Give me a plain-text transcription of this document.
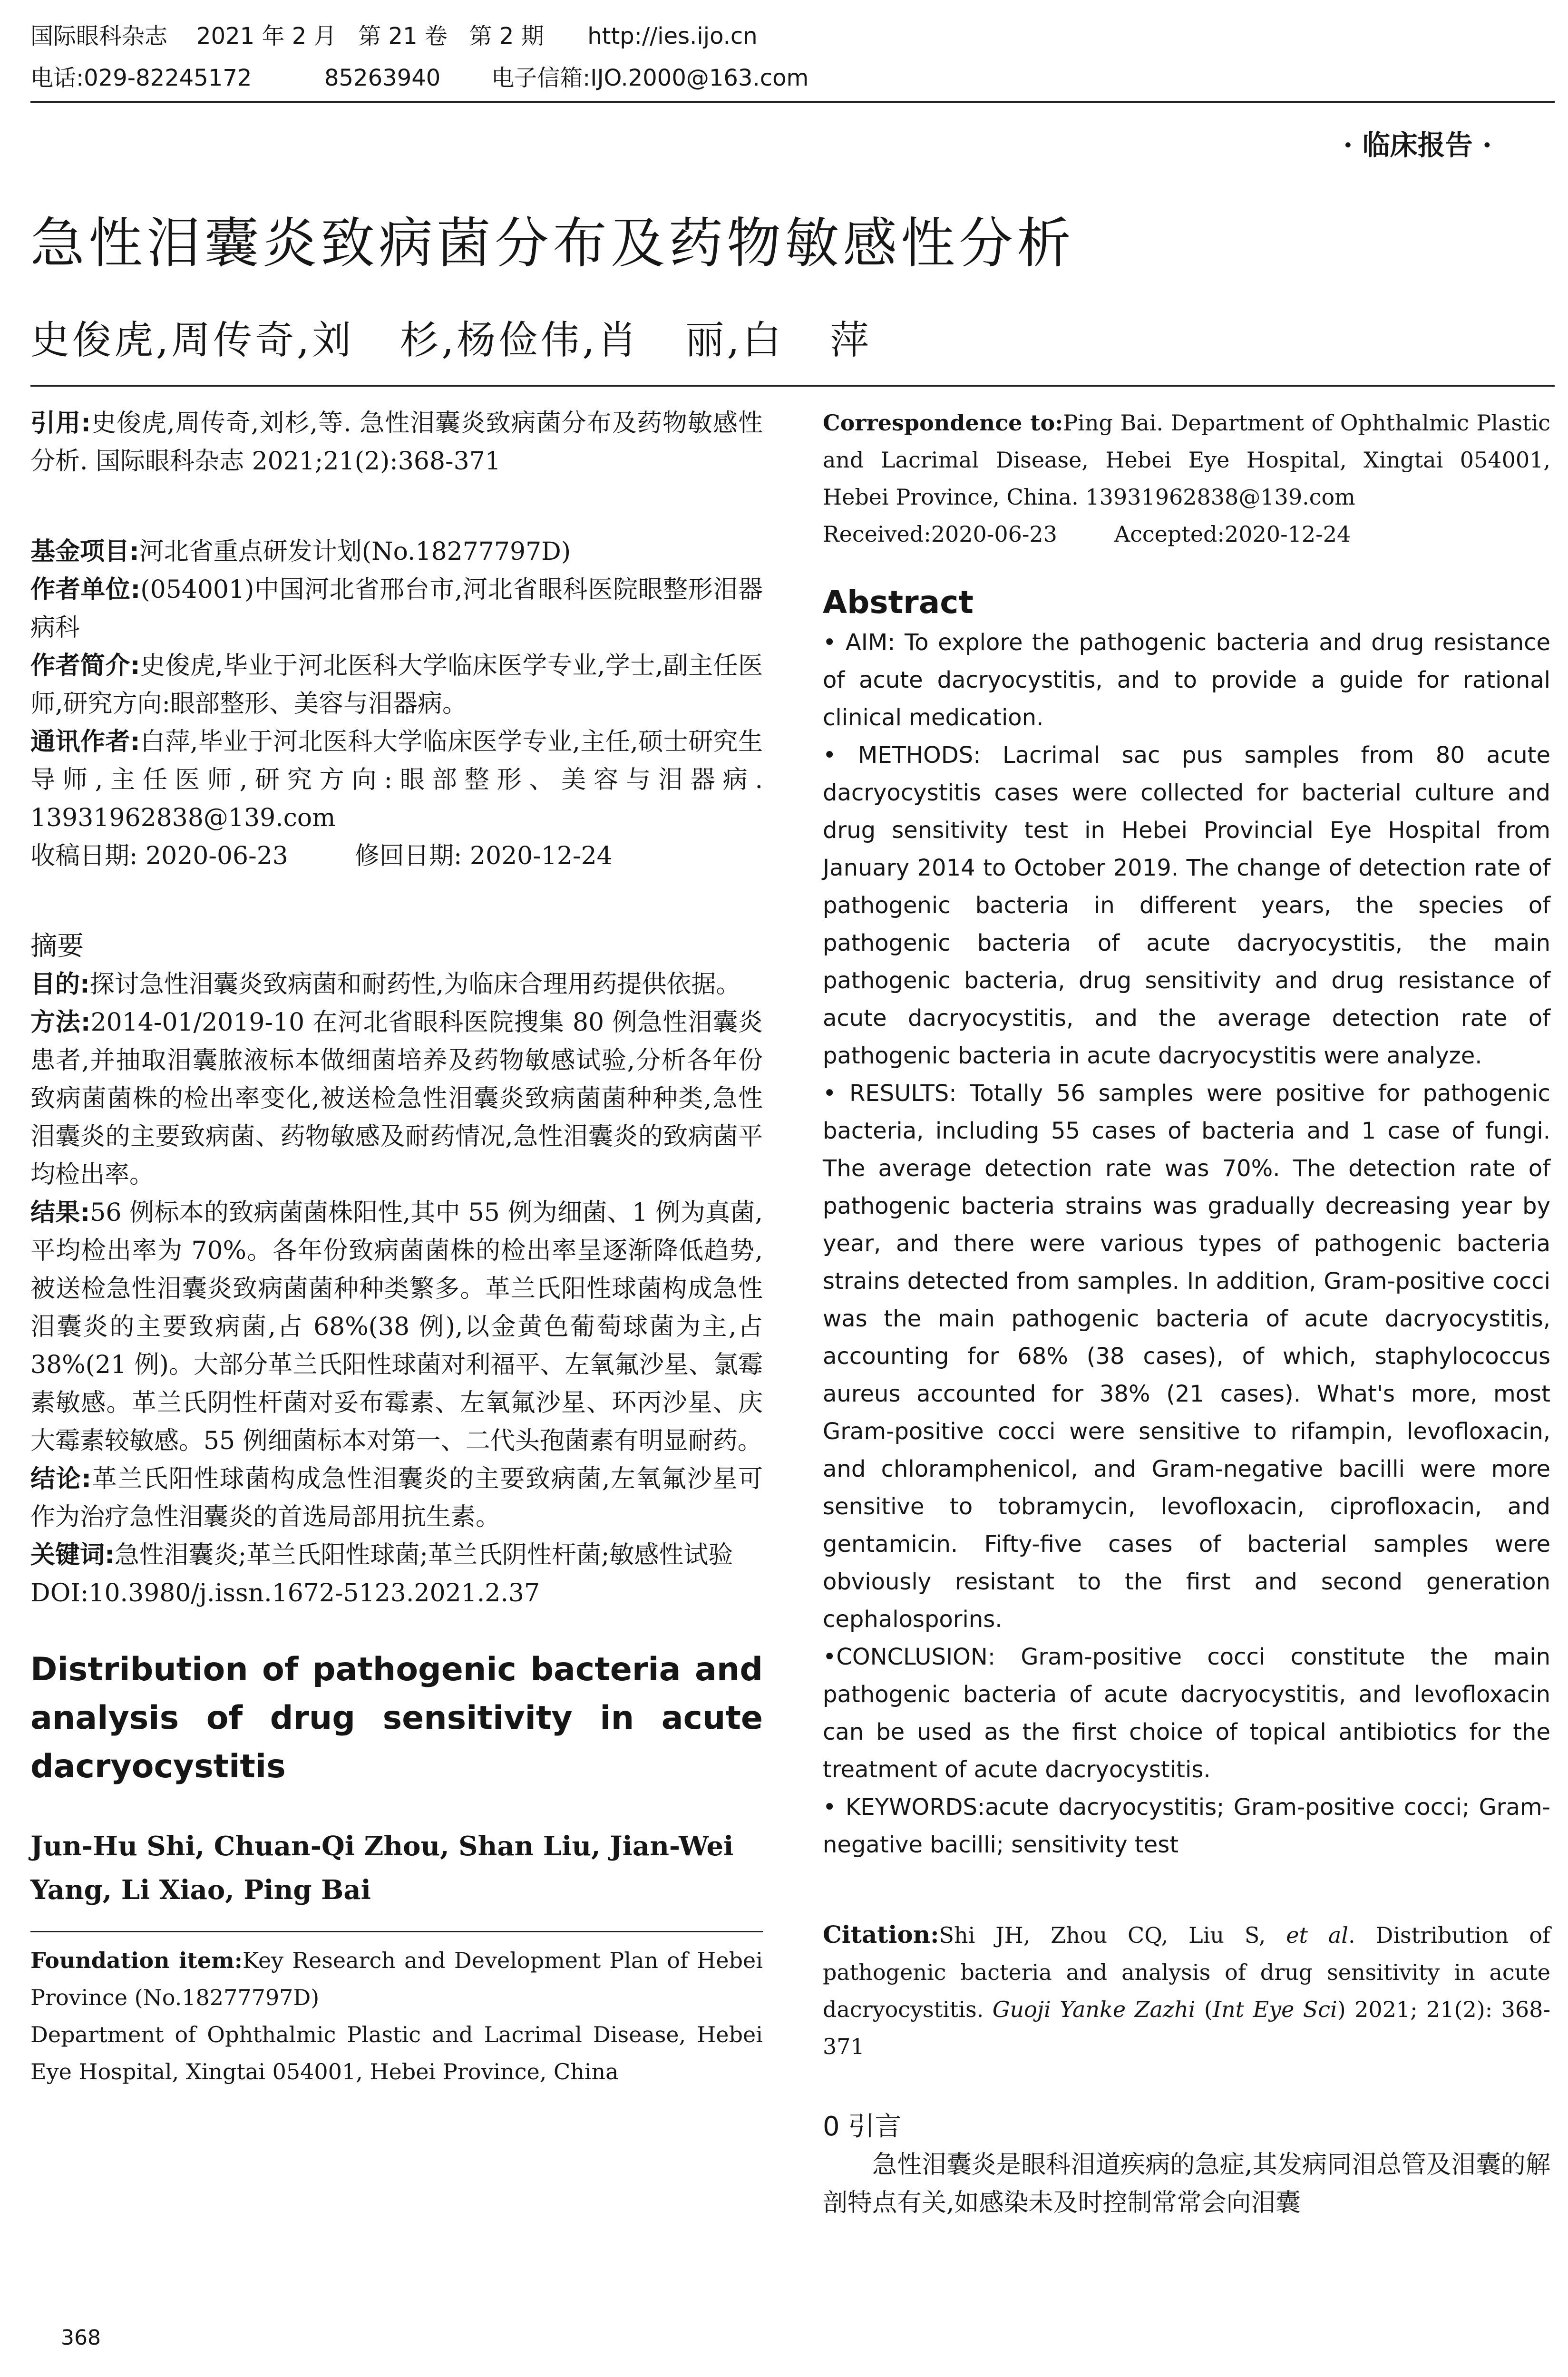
国际眼科杂志    2021 年 2 月   第 21 卷   第 2 期      http://ies.ijo.cn
电话:029-82245172          85263940       电子信箱:IJO.2000@163.com
· 临床报告 ·
急性泪囊炎致病菌分布及药物敏感性分析
史俊虎,周传奇,刘   杉,杨俭伟,肖   丽,白   萍

引用:史俊虎,周传奇,刘杉,等. 急性泪囊炎致病菌分布及药物敏感性分析. 国际眼科杂志 2021;21(2):368-371

基金项目:河北省重点研发计划(No.18277797D)

作者单位:(054001)中国河北省邢台市,河北省眼科医院眼整形泪器病科

作者简介:史俊虎,毕业于河北医科大学临床医学专业,学士,副主任医师,研究方向:眼部整形、美容与泪器病。

通讯作者:白萍,毕业于河北医科大学临床医学专业,主任,硕士研究生导师,主任医师,研究方向:眼部整形、美容与泪器病. 13931962838@139.com

收稿日期: 2020-06-23	修回日期: 2020-12-24

摘要

目的:探讨急性泪囊炎致病菌和耐药性,为临床合理用药提供依据。

方法:2014-01/2019-10 在河北省眼科医院搜集 80 例急性泪囊炎患者,并抽取泪囊脓液标本做细菌培养及药物敏感试验,分析各年份致病菌菌株的检出率变化,被送检急性泪囊炎致病菌菌种种类,急性泪囊炎的主要致病菌、药物敏感及耐药情况,急性泪囊炎的致病菌平均检出率。

结果:56 例标本的致病菌菌株阳性,其中 55 例为细菌、1 例为真菌,平均检出率为 70%。各年份致病菌菌株的检出率呈逐渐降低趋势,被送检急性泪囊炎致病菌菌种种类繁多。革兰氏阳性球菌构成急性泪囊炎的主要致病菌,占 68%(38 例),以金黄色葡萄球菌为主,占 38%(21 例)。大部分革兰氏阳性球菌对利福平、左氧氟沙星、氯霉素敏感。革兰氏阴性杆菌对妥布霉素、左氧氟沙星、环丙沙星、庆大霉素较敏感。55 例细菌标本对第一、二代头孢菌素有明显耐药。

结论:革兰氏阳性球菌构成急性泪囊炎的主要致病菌,左氧氟沙星可作为治疗急性泪囊炎的首选局部用抗生素。

关键词:急性泪囊炎;革兰氏阳性球菌;革兰氏阴性杆菌;敏感性试验

DOI:10.3980/j.issn.1672-5123.2021.2.37

Distribution of pathogenic bacteria and analysis of drug sensitivity in acute dacryocystitis

Jun-Hu Shi, Chuan-Qi Zhou, Shan Liu, Jian-Wei Yang, Li Xiao, Ping Bai

Foundation item:Key Research and Development Plan of Hebei Province (No.18277797D)

Department of Ophthalmic Plastic and Lacrimal Disease, Hebei Eye Hospital, Xingtai 054001, Hebei Province, China

Correspondence to:Ping Bai. Department of Ophthalmic Plastic and Lacrimal Disease, Hebei Eye Hospital, Xingtai 054001, Hebei Province, China. 13931962838@139.com

Received:2020-06-23	Accepted:2020-12-24

Abstract

• AIM: To explore the pathogenic bacteria and drug resistance of acute dacryocystitis, and to provide a guide for rational clinical medication.

• METHODS: Lacrimal sac pus samples from 80 acute dacryocystitis cases were collected for bacterial culture and drug sensitivity test in Hebei Provincial Eye Hospital from January 2014 to October 2019. The change of detection rate of pathogenic bacteria in different years, the species of pathogenic bacteria of acute dacryocystitis, the main pathogenic bacteria, drug sensitivity and drug resistance of acute dacryocystitis, and the average detection rate of pathogenic bacteria in acute dacryocystitis were analyze.

• RESULTS: Totally 56 samples were positive for pathogenic bacteria, including 55 cases of bacteria and 1 case of fungi. The average detection rate was 70%. The detection rate of pathogenic bacteria strains was gradually decreasing year by year, and there were various types of pathogenic bacteria strains detected from samples. In addition, Gram-positive cocci was the main pathogenic bacteria of acute dacryocystitis, accounting for 68% (38 cases), of which, staphylococcus aureus accounted for 38% (21 cases). What's more, most Gram-positive cocci were sensitive to rifampin, levofloxacin, and chloramphenicol, and Gram-negative bacilli were more sensitive to tobramycin, levofloxacin, ciprofloxacin, and gentamicin. Fifty-five cases of bacterial samples were obviously resistant to the first and second generation cephalosporins.

•CONCLUSION: Gram-positive cocci constitute the main pathogenic bacteria of acute dacryocystitis, and levofloxacin can be used as the first choice of topical antibiotics for the treatment of acute dacryocystitis.

• KEYWORDS:acute dacryocystitis; Gram-positive cocci; Gram-negative bacilli; sensitivity test

Citation:Shi JH, Zhou CQ, Liu S, et al. Distribution of pathogenic bacteria and analysis of drug sensitivity in acute dacryocystitis. Guoji Yanke Zazhi (Int Eye Sci) 2021; 21(2): 368-371

0 引言

急性泪囊炎是眼科泪道疾病的急症,其发病同泪总管及泪囊的解剖特点有关,如感染未及时控制常常会向泪囊

368
